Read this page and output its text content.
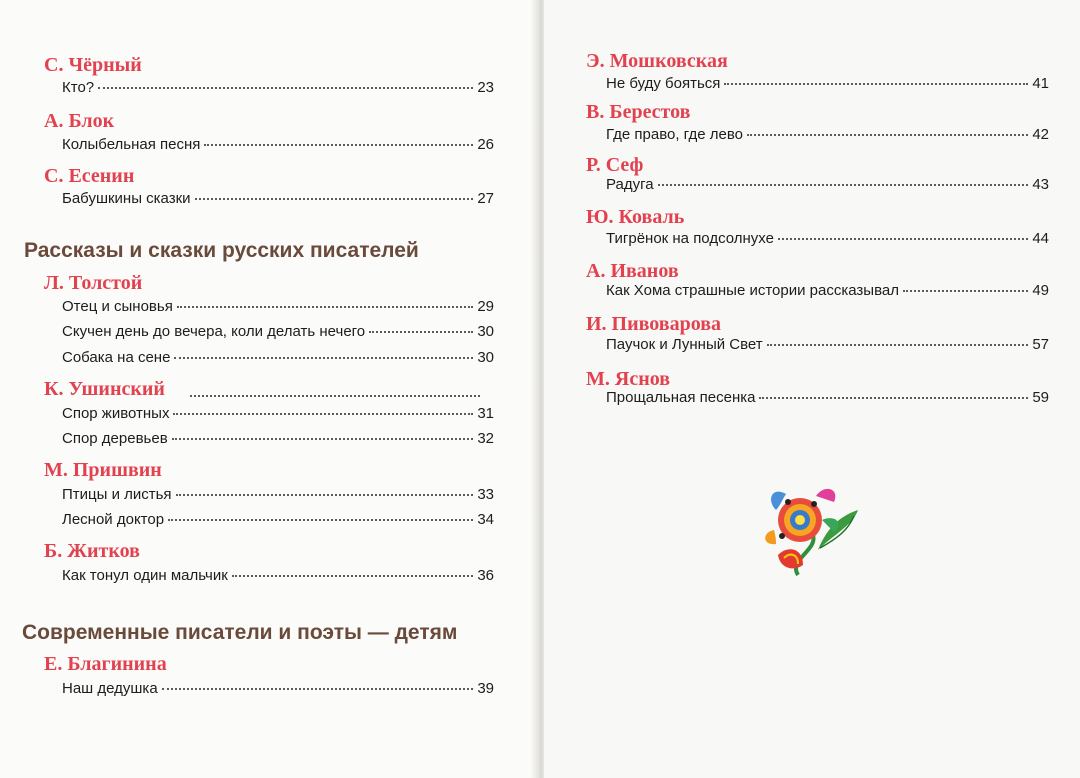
С. Чёрный
Кто?	23
А. Блок
Колыбельная песня	26
С. Есенин
Бабушкины сказки	27
Рассказы и сказки русских писателей
Л. Толстой
Отец и сыновья	29
Скучен день до вечера, коли делать нечего	30
Собака на сене	30
К. Ушинский
Спор животных	31
Спор деревьев	32
М. Пришвин
Птицы и листья	33
Лесной доктор	34
Б. Житков
Как тонул один мальчик	36
Современные писатели и поэты — детям
Е. Благинина
Наш дедушка	39
Э. Мошковская
Не буду бояться	41
В. Берестов
Где право, где лево	42
Р. Сеф
Радуга	43
Ю. Коваль
Тигрёнок на подсолнухе	44
А. Иванов
Как Хома страшные истории рассказывал	49
И. Пивоварова
Паучок и Лунный Свет	57
М. Яснов
Прощальная песенка	59
